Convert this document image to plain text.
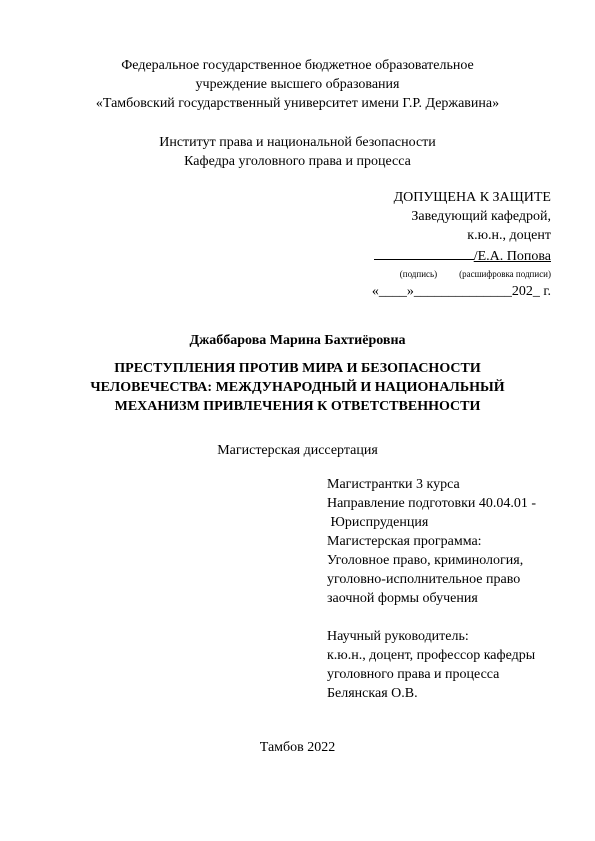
Федеральное государственное бюджетное образовательное
учреждение высшего образования
«Тамбовский государственный университет имени Г.Р. Державина»
Институт права и национальной безопасности
Кафедра уголовного права и процесса
ДОПУЩЕНА К ЗАЩИТЕ
Заведующий кафедрой,
к.ю.н., доцент
/Е.А. Попова
(подпись) (расшифровка подписи)
«____»______________202_ г.
Джаббарова Марина Бахтиёровна
ПРЕСТУПЛЕНИЯ ПРОТИВ МИРА И БЕЗОПАСНОСТИ
ЧЕЛОВЕЧЕСТВА: МЕЖДУНАРОДНЫЙ И НАЦИОНАЛЬНЫЙ
МЕХАНИЗМ ПРИВЛЕЧЕНИЯ К ОТВЕТСТВЕННОСТИ
Магистерская диссертация
Магистрантки 3 курса
Направление подготовки 40.04.01 -
Юриспруденция
Магистерская программа:
Уголовное право, криминология,
уголовно-исполнительное право
заочной формы обучения
Научный руководитель:
к.ю.н., доцент, профессор кафедры
уголовного права и процесса
Белянская О.В.
Тамбов 2022
